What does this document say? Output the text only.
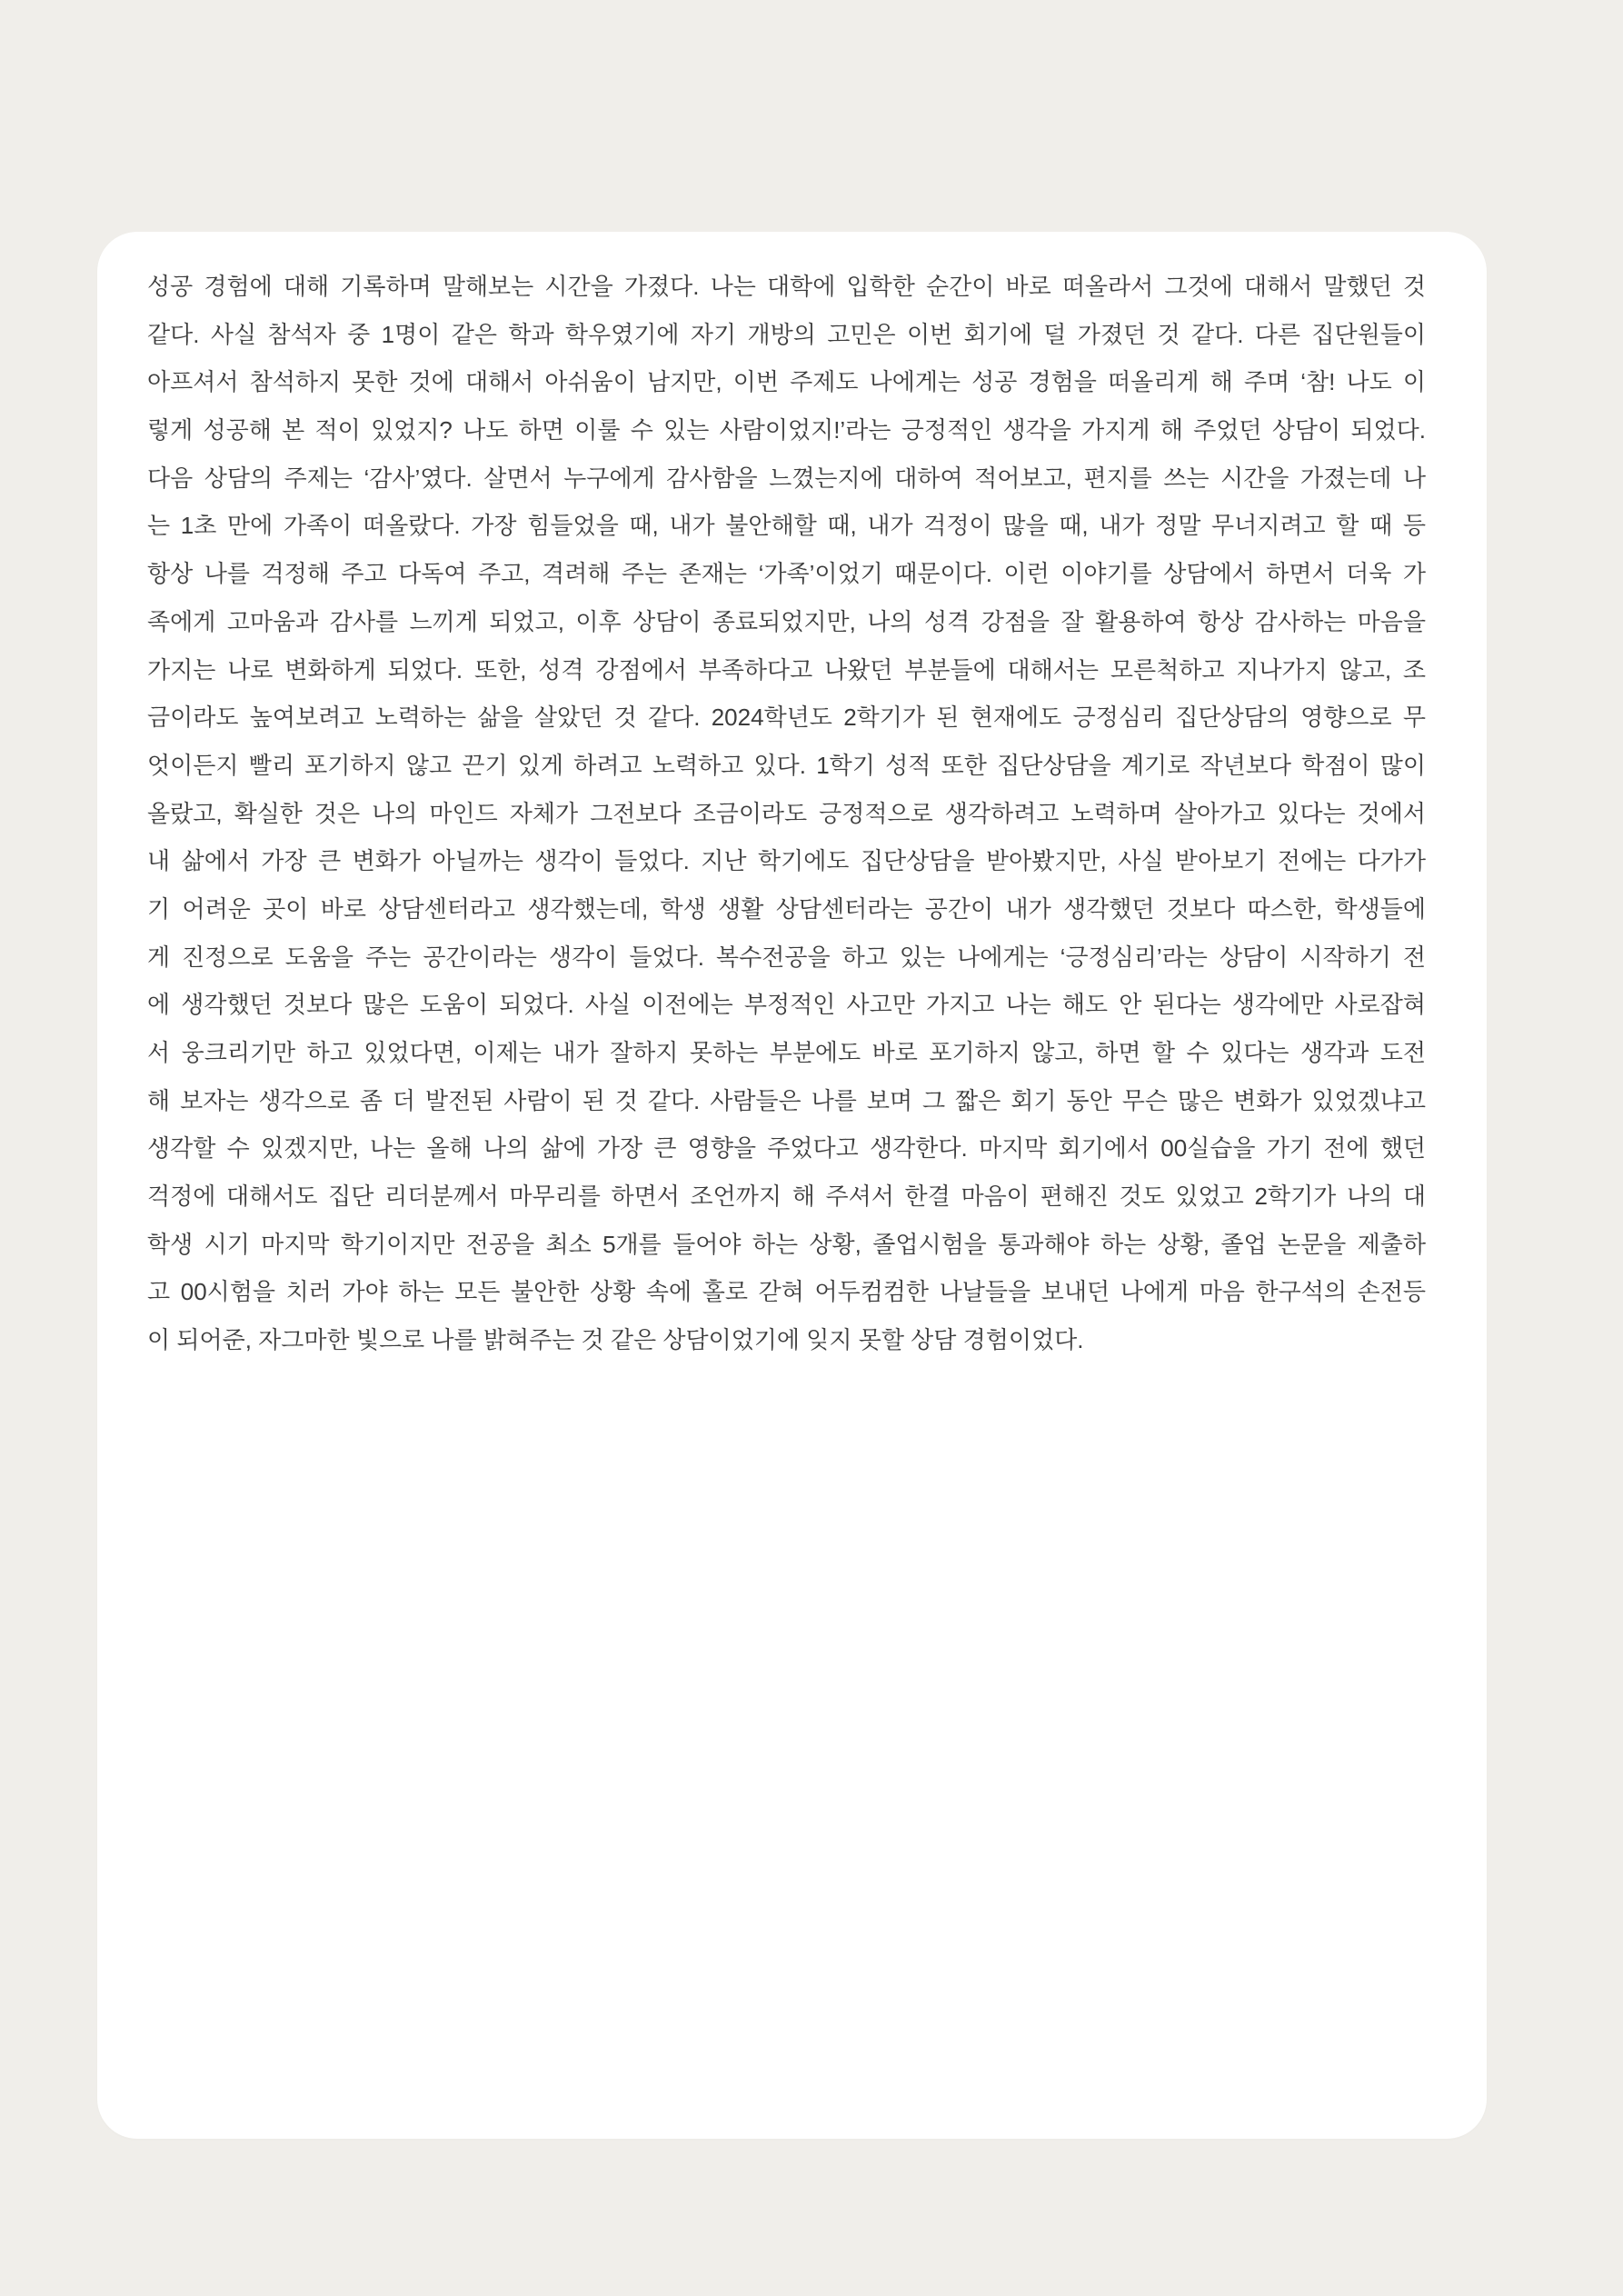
성공 경험에 대해 기록하며 말해보는 시간을 가졌다. 나는 대학에 입학한 순간이 바로 떠올라서 그것에 대해서 말했던 것
같다. 사실 참석자 중 1명이 같은 학과 학우였기에 자기 개방의 고민은 이번 회기에 덜 가졌던 것 같다. 다른 집단원들이
아프셔서 참석하지 못한 것에 대해서 아쉬움이 남지만, 이번 주제도 나에게는 성공 경험을 떠올리게 해 주며 ‘참! 나도 이
렇게 성공해 본 적이 있었지? 나도 하면 이룰 수 있는 사람이었지!’라는 긍정적인 생각을 가지게 해 주었던 상담이 되었다.
다음 상담의 주제는 ‘감사’였다. 살면서 누구에게 감사함을 느꼈는지에 대하여 적어보고, 편지를 쓰는 시간을 가졌는데 나
는 1초 만에 가족이 떠올랐다. 가장 힘들었을 때, 내가 불안해할 때, 내가 걱정이 많을 때, 내가 정말 무너지려고 할 때 등
항상 나를 걱정해 주고 다독여 주고, 격려해 주는 존재는 ‘가족’이었기 때문이다. 이런 이야기를 상담에서 하면서 더욱 가
족에게 고마움과 감사를 느끼게 되었고, 이후 상담이 종료되었지만, 나의 성격 강점을 잘 활용하여 항상 감사하는 마음을
가지는 나로 변화하게 되었다. 또한, 성격 강점에서 부족하다고 나왔던 부분들에 대해서는 모른척하고 지나가지 않고, 조
금이라도 높여보려고 노력하는 삶을 살았던 것 같다. 2024학년도 2학기가 된 현재에도 긍정심리 집단상담의 영향으로 무
엇이든지 빨리 포기하지 않고 끈기 있게 하려고 노력하고 있다. 1학기 성적 또한 집단상담을 계기로 작년보다 학점이 많이
올랐고, 확실한 것은 나의 마인드 자체가 그전보다 조금이라도 긍정적으로 생각하려고 노력하며 살아가고 있다는 것에서
내 삶에서 가장 큰 변화가 아닐까는 생각이 들었다. 지난 학기에도 집단상담을 받아봤지만, 사실 받아보기 전에는 다가가
기 어려운 곳이 바로 상담센터라고 생각했는데, 학생 생활 상담센터라는 공간이 내가 생각했던 것보다 따스한, 학생들에
게 진정으로 도움을 주는 공간이라는 생각이 들었다. 복수전공을 하고 있는 나에게는 ‘긍정심리’라는 상담이 시작하기 전
에 생각했던 것보다 많은 도움이 되었다. 사실 이전에는 부정적인 사고만 가지고 나는 해도 안 된다는 생각에만 사로잡혀
서 웅크리기만 하고 있었다면, 이제는 내가 잘하지 못하는 부분에도 바로 포기하지 않고, 하면 할 수 있다는 생각과 도전
해 보자는 생각으로 좀 더 발전된 사람이 된 것 같다. 사람들은 나를 보며 그 짧은 회기 동안 무슨 많은 변화가 있었겠냐고
생각할 수 있겠지만, 나는 올해 나의 삶에 가장 큰 영향을 주었다고 생각한다. 마지막 회기에서 00실습을 가기 전에 했던
걱정에 대해서도 집단 리더분께서 마무리를 하면서 조언까지 해 주셔서 한결 마음이 편해진 것도 있었고 2학기가 나의 대
학생 시기 마지막 학기이지만 전공을 최소 5개를 들어야 하는 상황, 졸업시험을 통과해야 하는 상황, 졸업 논문을 제출하
고 00시험을 치러 가야 하는 모든 불안한 상황 속에 홀로 갇혀 어두컴컴한 나날들을 보내던 나에게 마음 한구석의 손전등
이 되어준, 자그마한 빛으로 나를 밝혀주는 것 같은 상담이었기에 잊지 못할 상담 경험이었다.
